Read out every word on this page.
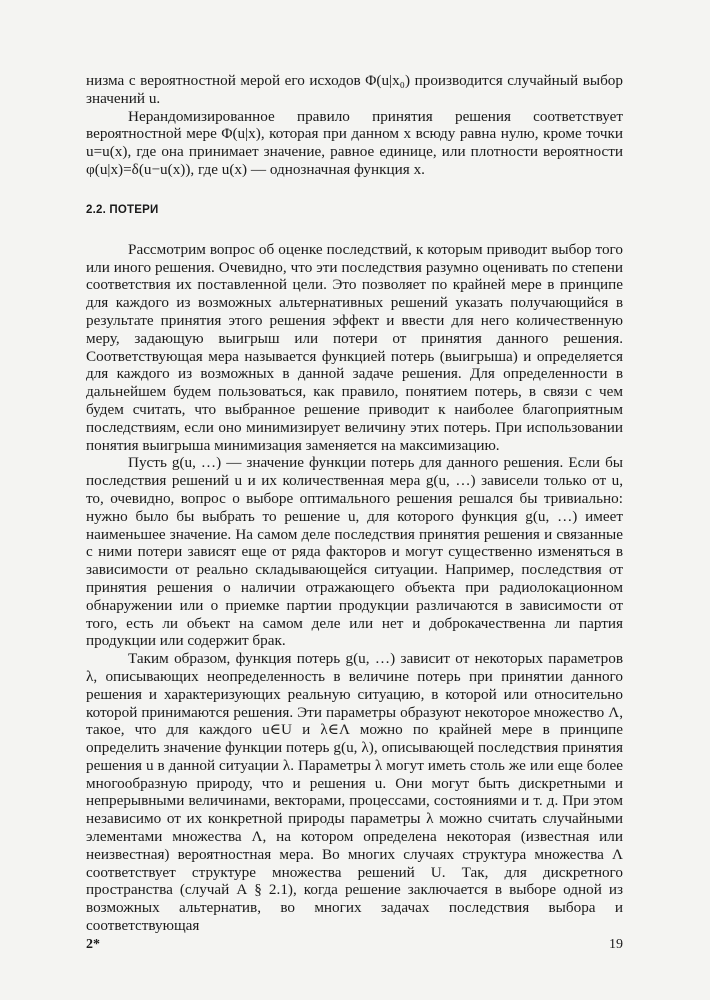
низма с вероятностной мерой его исходов Φ(u|x₀) производится случайный выбор значений u.

Нерандомизированное правило принятия решения соответствует вероятностной мере Φ(u|x), которая при данном x всюду равна нулю, кроме точки u=u(x), где она принимает значение, равное единице, или плотности вероятности φ(u|x)=δ(u−u(x)), где u(x) — однозначная функция x.

2.2. ПОТЕРИ

Рассмотрим вопрос об оценке последствий, к которым приводит выбор того или иного решения. Очевидно, что эти последствия разумно оценивать по степени соответствия их поставленной цели. Это позволяет по крайней мере в принципе для каждого из возможных альтернативных решений указать получающийся в результате принятия этого решения эффект и ввести для него количественную меру, задающую выигрыш или потери от принятия данного решения. Соответствующая мера называется функцией потерь (выигрыша) и определяется для каждого из возможных в данной задаче решения. Для определенности в дальнейшем будем пользоваться, как правило, понятием потерь, в связи с чем будем считать, что выбранное решение приводит к наиболее благоприятным последствиям, если оно минимизирует величину этих потерь. При использовании понятия выигрыша минимизация заменяется на максимизацию.

Пусть g(u, …) — значение функции потерь для данного решения. Если бы последствия решений u и их количественная мера g(u, …) зависели только от u, то, очевидно, вопрос о выборе оптимального решения решался бы тривиально: нужно было бы выбрать то решение u, для которого функция g(u, …) имеет наименьшее значение. На самом деле последствия принятия решения и связанные с ними потери зависят еще от ряда факторов и могут существенно изменяться в зависимости от реально складывающейся ситуации. Например, последствия от принятия решения о наличии отражающего объекта при радиолокационном обнаружении или о приемке партии продукции различаются в зависимости от того, есть ли объект на самом деле или нет и доброкачественна ли партия продукции или содержит брак.

Таким образом, функция потерь g(u, …) зависит от некоторых параметров λ, описывающих неопределенность в величине потерь при принятии данного решения и характеризующих реальную ситуацию, в которой или относительно которой принимаются решения. Эти параметры образуют некоторое множество Λ, такое, что для каждого u∈U и λ∈Λ можно по крайней мере в принципе определить значение функции потерь g(u, λ), описывающей последствия принятия решения u в данной ситуации λ. Параметры λ могут иметь столь же или еще более многообразную природу, что и решения u. Они могут быть дискретными и непрерывными величинами, векторами, процессами, состояниями и т. д. При этом независимо от их конкретной природы параметры λ можно считать случайными элементами множества Λ, на котором определена некоторая (известная или неизвестная) вероятностная мера. Во многих случаях структура множества Λ соответствует структуре множества решений U. Так, для дискретного пространства (случай А § 2.1), когда решение заключается в выборе одной из возможных альтернатив, во многих задачах последствия выбора и соответствующая

2*	19
